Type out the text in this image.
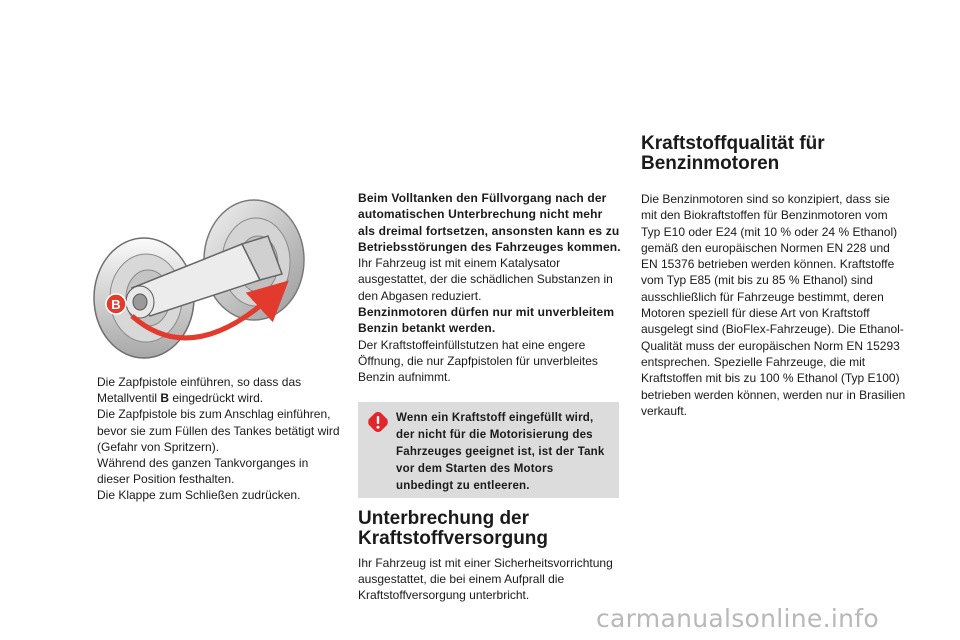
B
Die Zapfpistole einführen, so dass das Metallventil B eingedrückt wird.
Die Zapfpistole bis zum Anschlag einführen, bevor sie zum Füllen des Tankes betätigt wird (Gefahr von Spritzern).
Während des ganzen Tankvorganges in dieser Position festhalten.
Die Klappe zum Schließen zudrücken.

Beim Volltanken den Füllvorgang nach der automatischen Unterbrechung nicht mehr als dreimal fortsetzen, ansonsten kann es zu Betriebsstörungen des Fahrzeuges kommen.

Ihr Fahrzeug ist mit einem Katalysator ausgestattet, der die schädlichen Substanzen in den Abgasen reduziert.

Benzinmotoren dürfen nur mit unverbleitem Benzin betankt werden.

Der Kraftstoffeinfüllstutzen hat eine engere Öffnung, die nur Zapfpistolen für unverbleites Benzin aufnimmt.

Wenn ein Kraftstoff eingefüllt wird, der nicht für die Motorisierung des Fahrzeuges geeignet ist, ist der Tank vor dem Starten des Motors unbedingt zu entleeren.
Unterbrechung der Kraftstoffversorgung

Ihr Fahrzeug ist mit einer Sicherheitsvorrichtung ausgestattet, die bei einem Aufprall die Kraftstoffversorgung unterbricht.

Kraftstoffqualität für Benzinmotoren

Die Benzinmotoren sind so konzipiert, dass sie mit den Biokraftstoffen für Benzinmotoren vom Typ E10 oder E24 (mit 10 % oder 24 % Ethanol) gemäß den europäischen Normen EN 228 und EN 15376 betrieben werden können. Kraftstoffe vom Typ E85 (mit bis zu 85 % Ethanol) sind ausschließlich für Fahrzeuge bestimmt, deren Motoren speziell für diese Art von Kraftstoff ausgelegt sind (BioFlex-Fahrzeuge). Die Ethanol-Qualität muss der europäischen Norm EN 15293 entsprechen. Spezielle Fahrzeuge, die mit Kraftstoffen mit bis zu 100 % Ethanol (Typ E100) betrieben werden können, werden nur in Brasilien verkauft.

carmanualsonline.info
